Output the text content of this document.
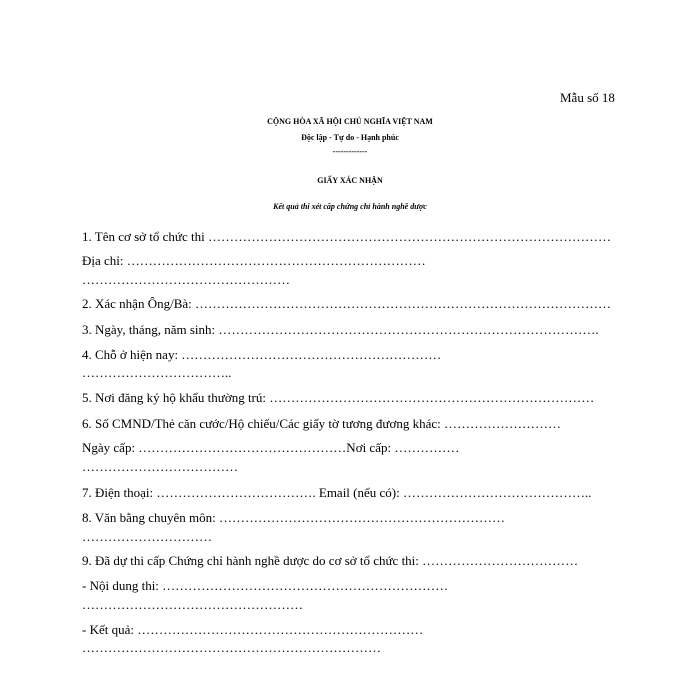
Mẫu số 18
CỘNG HÒA XÃ HỘI CHỦ NGHĨA VIỆT NAM
Độc lập - Tự do - Hạnh phúc
-------------
GIẤY XÁC NHẬN
Kết quả thi xét cấp chứng chỉ hành nghề dược
1. Tên cơ sở tổ chức thi …………………………………………………………………………………
Địa chỉ: ……………………………………………………………
…………………………………………
2. Xác nhận Ông/Bà: ……………………………………………………………………………………
3. Ngày, tháng, năm sinh: …………………………………………………………………………….
4. Chỗ ở hiện nay: ……………………………………………………
……………………………..
5. Nơi đăng ký hộ khẩu thường trú: …………………………………………………………………
6. Số CMND/Thẻ căn cước/Hộ chiếu/Các giấy tờ tương đương khác: ………………………
Ngày cấp: …………………………………………Nơi cấp: ……………
………………………………
7. Điện thoại: ………………………………. Email (nếu có): ……………………………………..
8. Văn bằng chuyên môn: …………………………………………………………
…………………………
9. Đã dự thi cấp Chứng chỉ hành nghề dược do cơ sở tổ chức thi: ………………………………
- Nội dung thi: …………………………………………………………
……………………………………………
- Kết quả: …………………………………………………………
……………………………………………………………
